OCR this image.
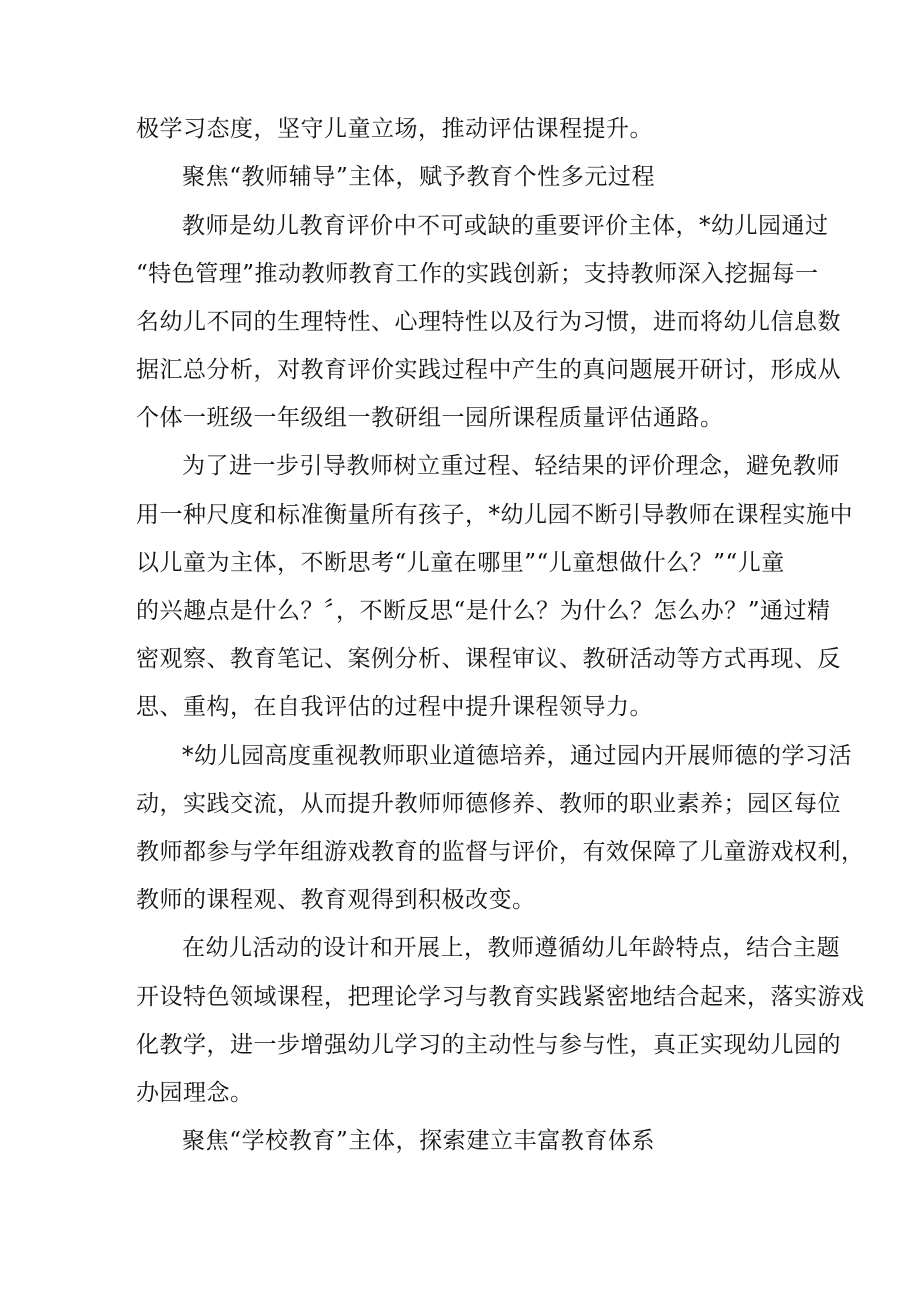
极学习态度，坚守儿童立场，推动评估课程提升。
聚焦“教师辅导”主体，赋予教育个性多元过程
教师是幼儿教育评价中不可或缺的重要评价主体，*幼儿园通过
“特色管理”推动教师教育工作的实践创新；支持教师深入挖掘每一
名幼儿不同的生理特性、心理特性以及行为习惯，进而将幼儿信息数
据汇总分析，对教育评价实践过程中产生的真问题展开研讨，形成从
个体一班级一年级组一教研组一园所课程质量评估通路。
为了进一步引导教师树立重过程、轻结果的评价理念，避免教师
用一种尺度和标准衡量所有孩子，*幼儿园不断引导教师在课程实施中
以儿童为主体，不断思考“儿童在哪里”“儿童想做什么？”“儿童
的兴趣点是什么？〞，不断反思“是什么？为什么？怎么办？”通过精
密观察、教育笔记、案例分析、课程审议、教研活动等方式再现、反
思、重构，在自我评估的过程中提升课程领导力。
*幼儿园高度重视教师职业道德培养，通过园内开展师德的学习活
动，实践交流，从而提升教师师德修养、教师的职业素养；园区每位
教师都参与学年组游戏教育的监督与评价，有效保障了儿童游戏权利，
教师的课程观、教育观得到积极改变。
在幼儿活动的设计和开展上，教师遵循幼儿年龄特点，结合主题
开设特色领域课程，把理论学习与教育实践紧密地结合起来，落实游戏
化教学，进一步增强幼儿学习的主动性与参与性，真正实现幼儿园的
办园理念。
聚焦“学校教育”主体，探索建立丰富教育体系
